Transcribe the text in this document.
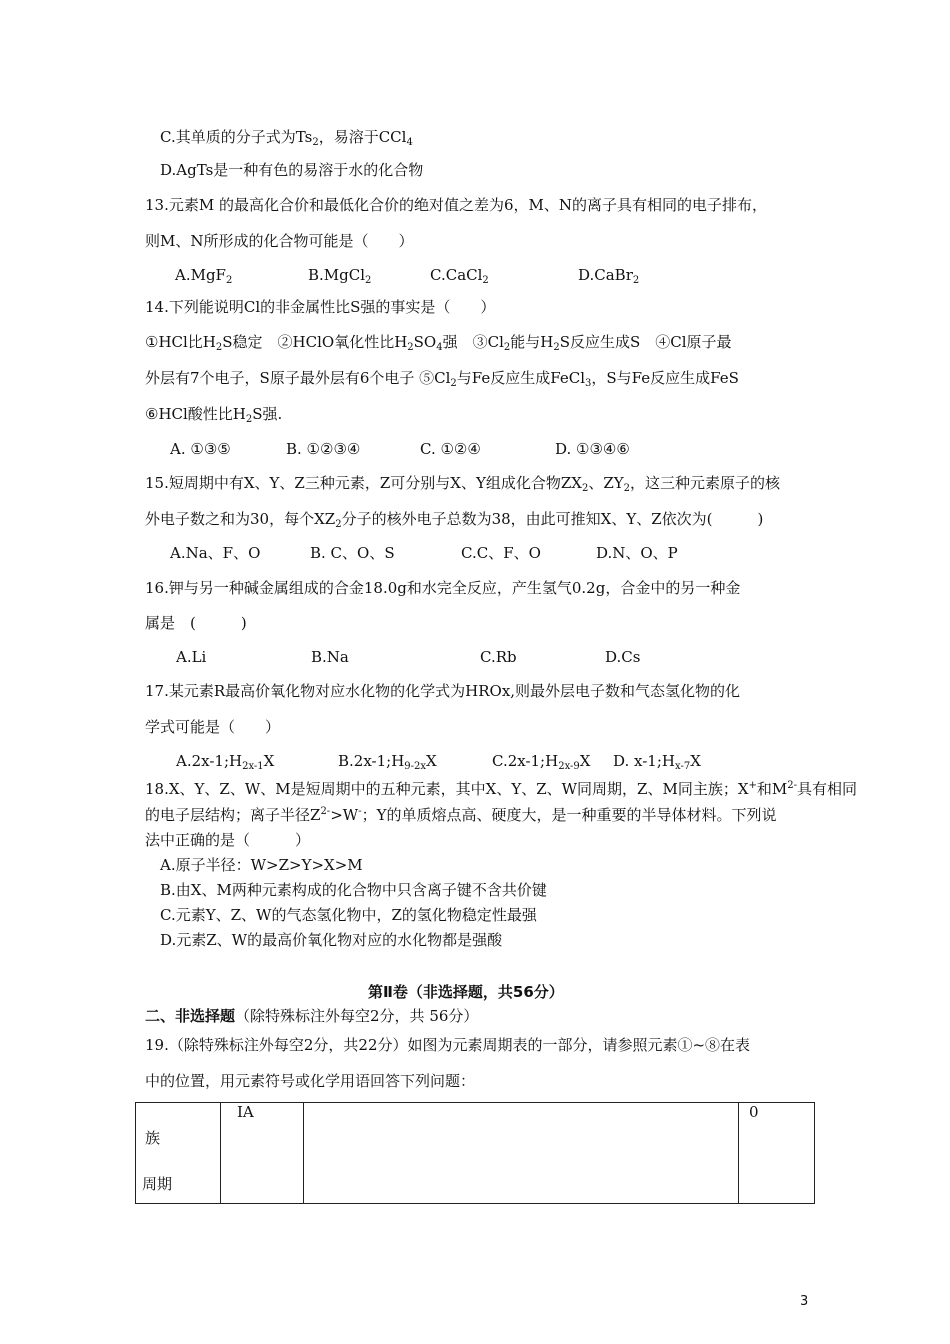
C.其单质的分子式为$Ts_2$，易溶于CCl$_4$
D.AgTs是一种有色的易溶于水的化合物
13.元素M 的最高化合价和最低化合价的绝对值之差为6，M、N的离子具有相同的电子排布，
则M、N所形成的化合物可能是（　　）
A.MgF$_2$	B.MgCl$_2$	C.CaCl$_2$	D.CaBr$_2$
14.下列能说明Cl的非金属性比S强的事实是（　　）
①HCl比$H_2S$稳定　②HClO氧化性比$H_2SO_4$强　$③Cl_2$能与$H_2S$反应生成S　④Cl原子最
外层有7个电子，S原子最外层有6个电子 $⑤Cl_2$与Fe反应生成FeCl$_3$，S与Fe反应生成FeS
⑥HCl酸性比$H_2S$强.
A. ①③⑤	B. ①②③④	C. ①②④	D. ①③④⑥
15.短周期中有X、Y、Z三种元素，Z可分别与X、Y组成化合物$ZX_2$、$ZY_2$，这三种元素原子的核
外电子数之和为30，每个$XZ_2$分子的核外电子总数为38，由此可推知X、Y、Z依次为(　　　)
A.Na、F、O	B. C、O、S	C.C、F、O	D.N、O、P
16.钾与另一种碱金属组成的合金18.0g和水完全反应，产生氢气0.2g，合金中的另一种金
属是　(　　　)
A.Li	B.Na	C.Rb	D.Cs
17.某元素R最高价氧化物对应水化物的化学式为HROx,则最外层电子数和气态氢化物的化
学式可能是（　　）
$A.2x-1;H_{2x-1}X$	$B.2x-1;H_{9-2x}X$	$C.2x-1;H_{2x-9}X$ D. $x-1;H_{x-7}X$
18.X、Y、Z、W、M是短周期中的五种元素，其中X、Y、Z、W同周期，Z、M同主族；X+和$M^{2-}$具有相同
的电子层结构；离子半径$Z^{2-}>W^-$；Y的单质熔点高、硬度大，是一种重要的半导体材料。下列说
法中正确的是（　　　）
A.原子半径：W>Z>Y>X>M
B.由X、M两种元素构成的化合物中只含离子键不含共价键
C.元素Y、Z、W的气态氢化物中，Z的氢化物稳定性最强
D.元素Z、W的最高价氧化物对应的水化物都是强酸
第Ⅱ卷（非选择题，共56分）
二、非选择题（除特殊标注外每空2分，共 56分）
19.（除特殊标注外每空2分，共22分）如图为元素周期表的一部分，请参照元素①~⑧在表
中的位置，用元素符号或化学用语回答下列问题：
族
周期
	ⅠA		0
3
